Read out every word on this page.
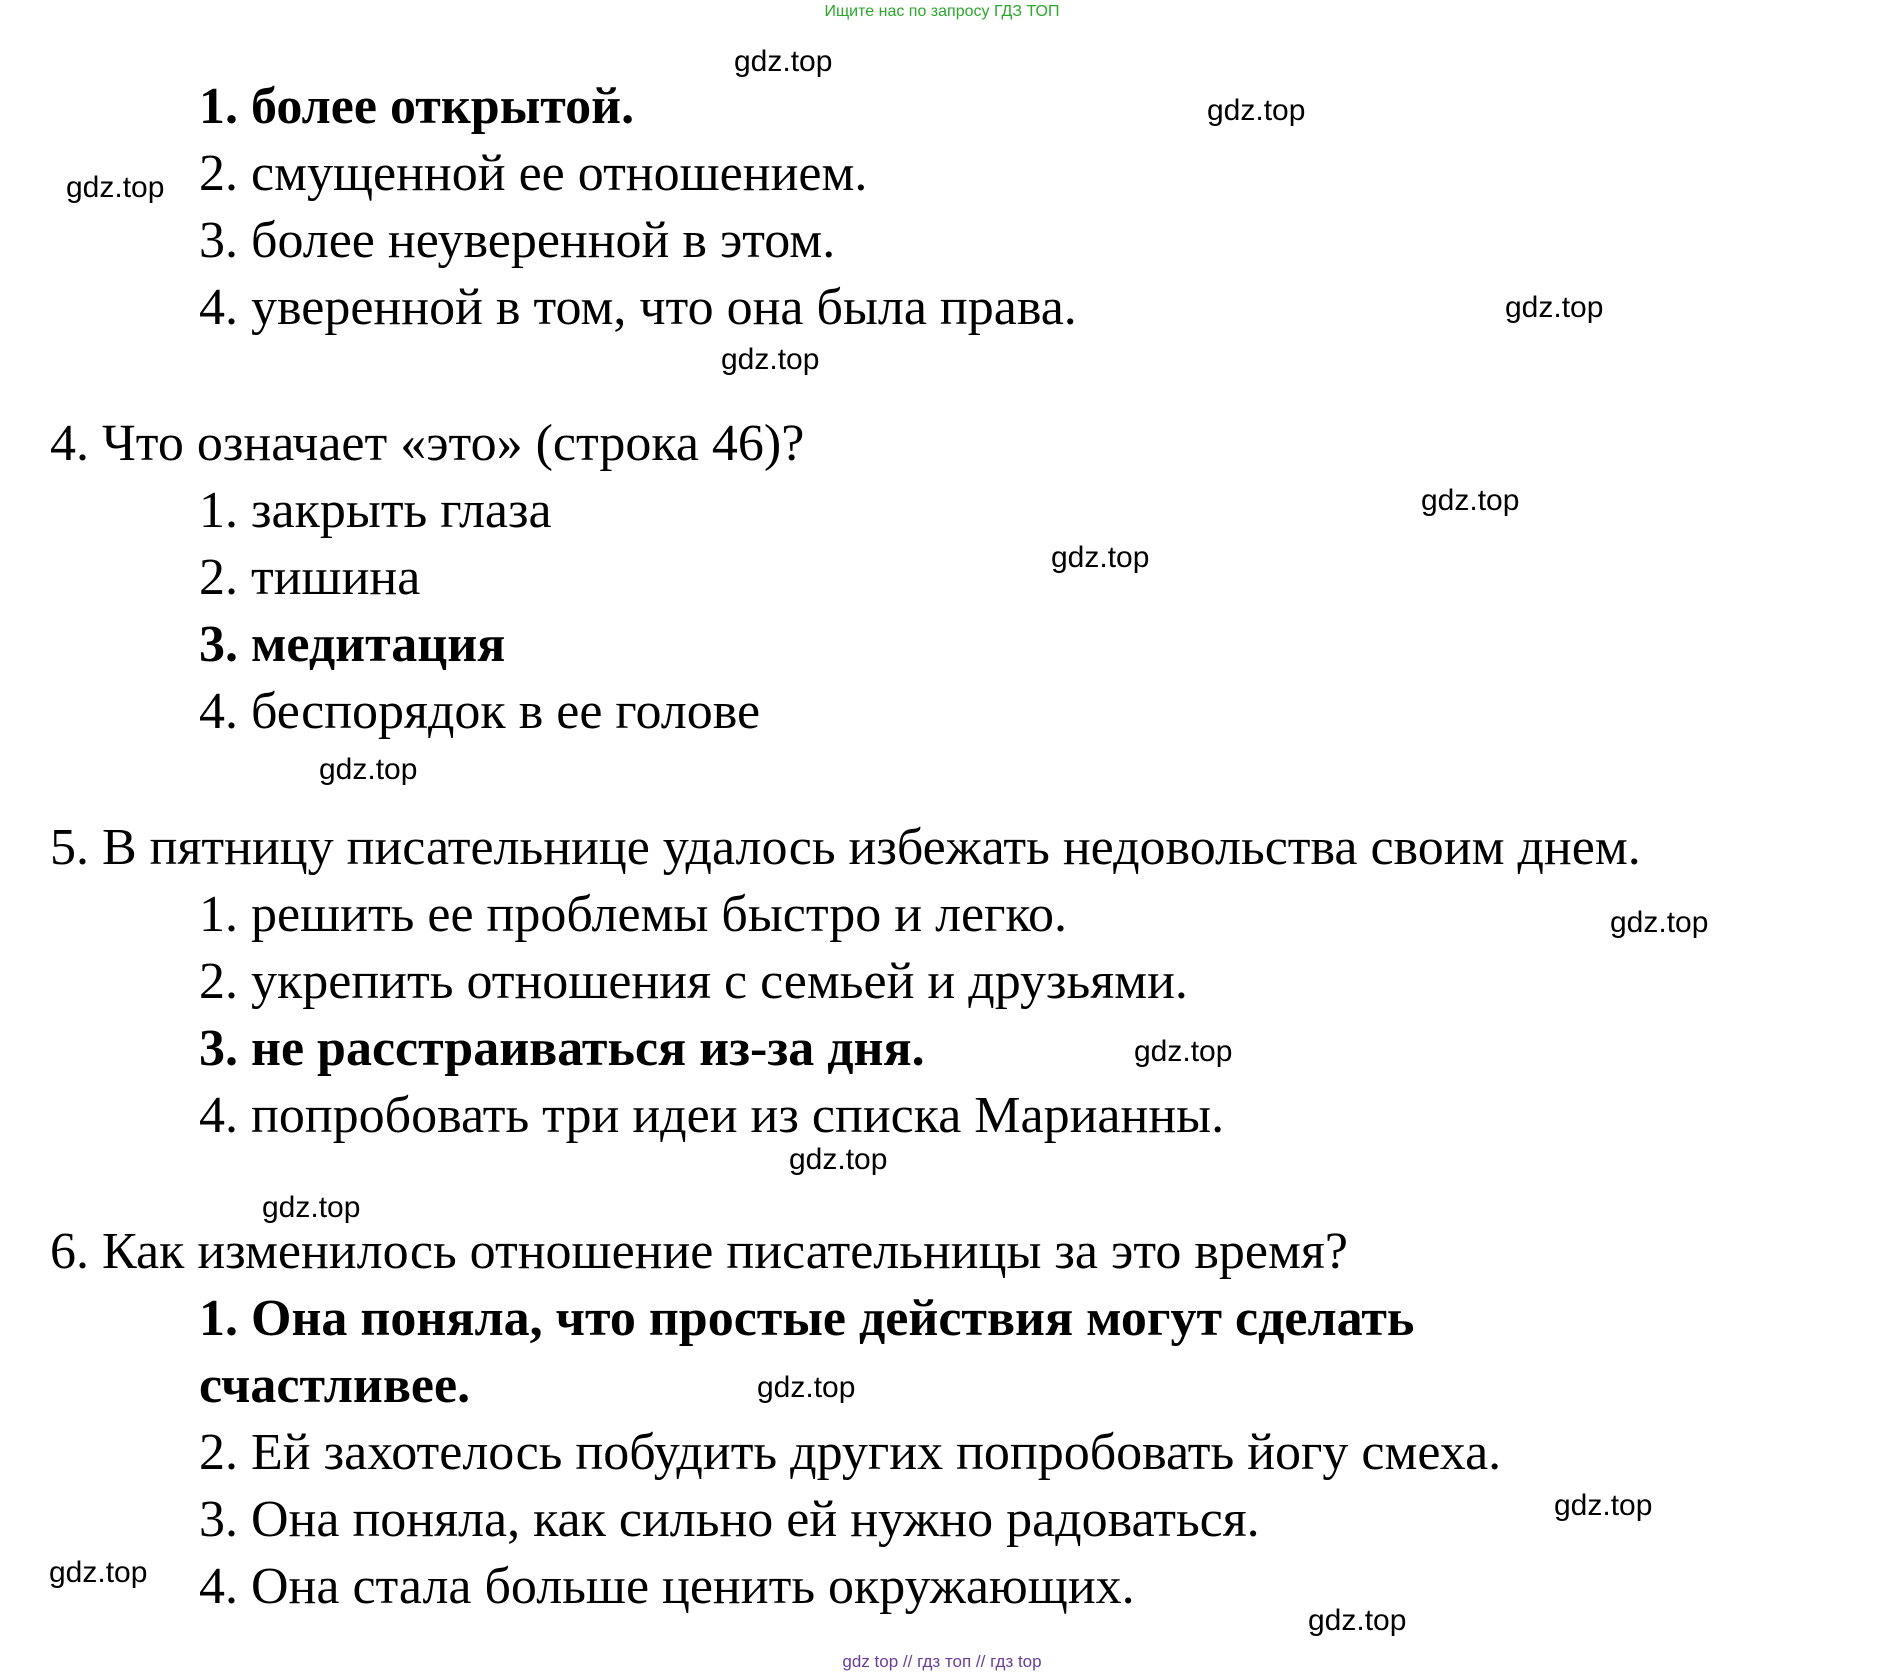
Ищите нас по запросу ГДЗ ТОП
1. более открытой.
2. смущенной ее отношением.
3. более неуверенной в этом.
4. уверенной в том, что она была права.
4. Что означает «это» (строка 46)?
1. закрыть глаза
2. тишина
3. медитация
4. беспорядок в ее голове
5. В пятницу писательнице удалось избежать недовольства своим днем.
1. решить ее проблемы быстро и легко.
2. укрепить отношения с семьей и друзьями.
3. не расстраиваться из-за дня.
4. попробовать три идеи из списка Марианны.
6. Как изменилось отношение писательницы за это время?
1. Она поняла, что простые действия могут сделать
счастливее.
2. Ей захотелось побудить других попробовать йогу смеха.
3. Она поняла, как сильно ей нужно радоваться.
4. Она стала больше ценить окружающих.
gdz.top
gdz.top
gdz.top
gdz.top
gdz.top
gdz.top
gdz.top
gdz.top
gdz.top
gdz.top
gdz.top
gdz.top
gdz.top
gdz.top
gdz.top
gdz.top
gdz top // гдз топ // гдз top
